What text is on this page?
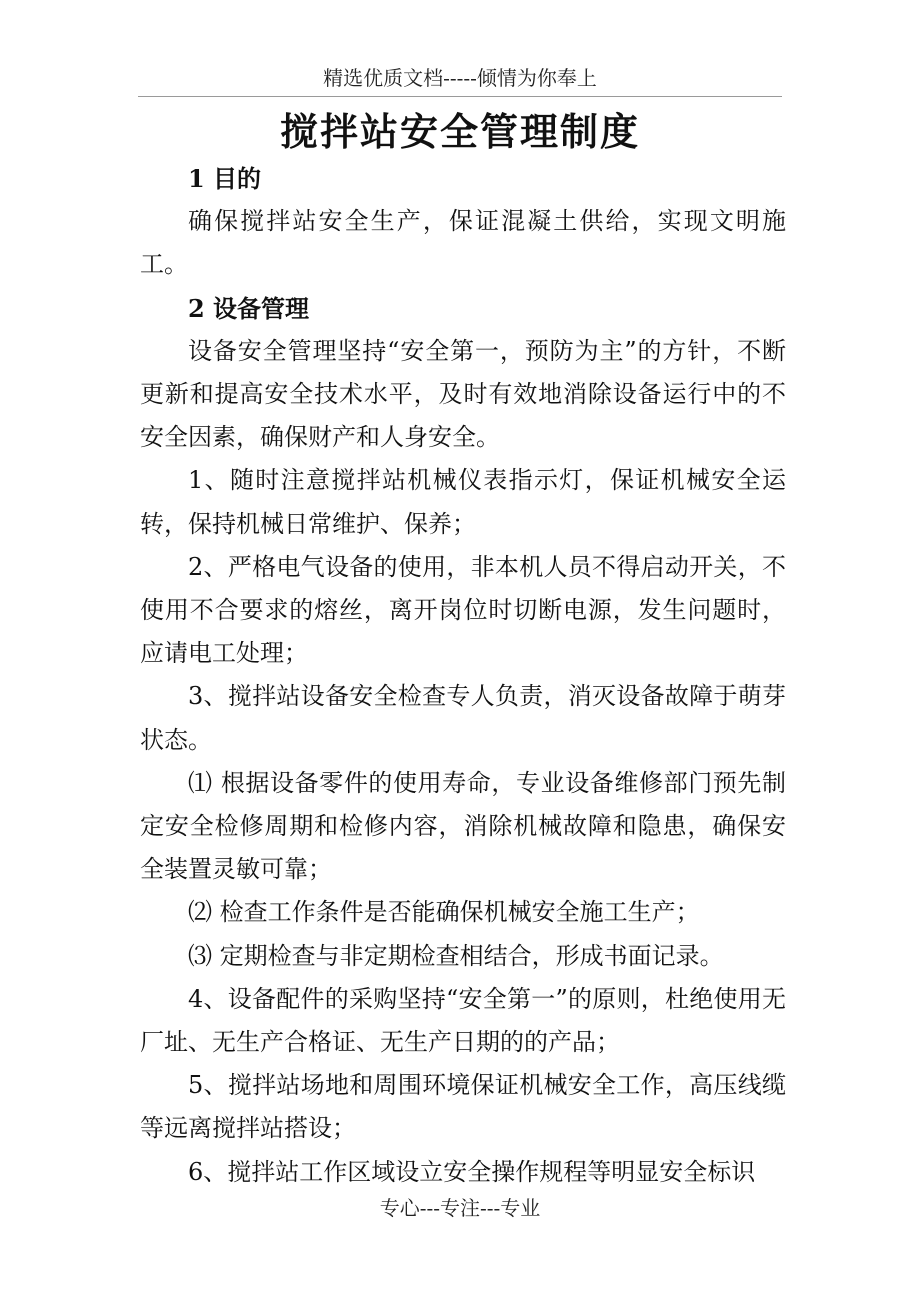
精选优质文档-----倾情为你奉上
搅拌站安全管理制度

1 目的

确保搅拌站安全生产，保证混凝土供给，实现文明施工。

2 设备管理

设备安全管理坚持“安全第一，预防为主”的方针，不断更新和提高安全技术水平，及时有效地消除设备运行中的不安全因素，确保财产和人身安全。

1、随时注意搅拌站机械仪表指示灯，保证机械安全运转，保持机械日常维护、保养；

2、严格电气设备的使用，非本机人员不得启动开关，不使用不合要求的熔丝，离开岗位时切断电源，发生问题时，应请电工处理；

3、搅拌站设备安全检查专人负责，消灭设备故障于萌芽状态。

⑴ 根据设备零件的使用寿命，专业设备维修部门预先制定安全检修周期和检修内容，消除机械故障和隐患，确保安全装置灵敏可靠；

⑵ 检查工作条件是否能确保机械安全施工生产；

⑶ 定期检查与非定期检查相结合，形成书面记录。

4、设备配件的采购坚持“安全第一”的原则，杜绝使用无厂址、无生产合格证、无生产日期的的产品；

5、搅拌站场地和周围环境保证机械安全工作，高压线缆等远离搅拌站搭设；

6、搅拌站工作区域设立安全操作规程等明显安全标识

专心---专注---专业
